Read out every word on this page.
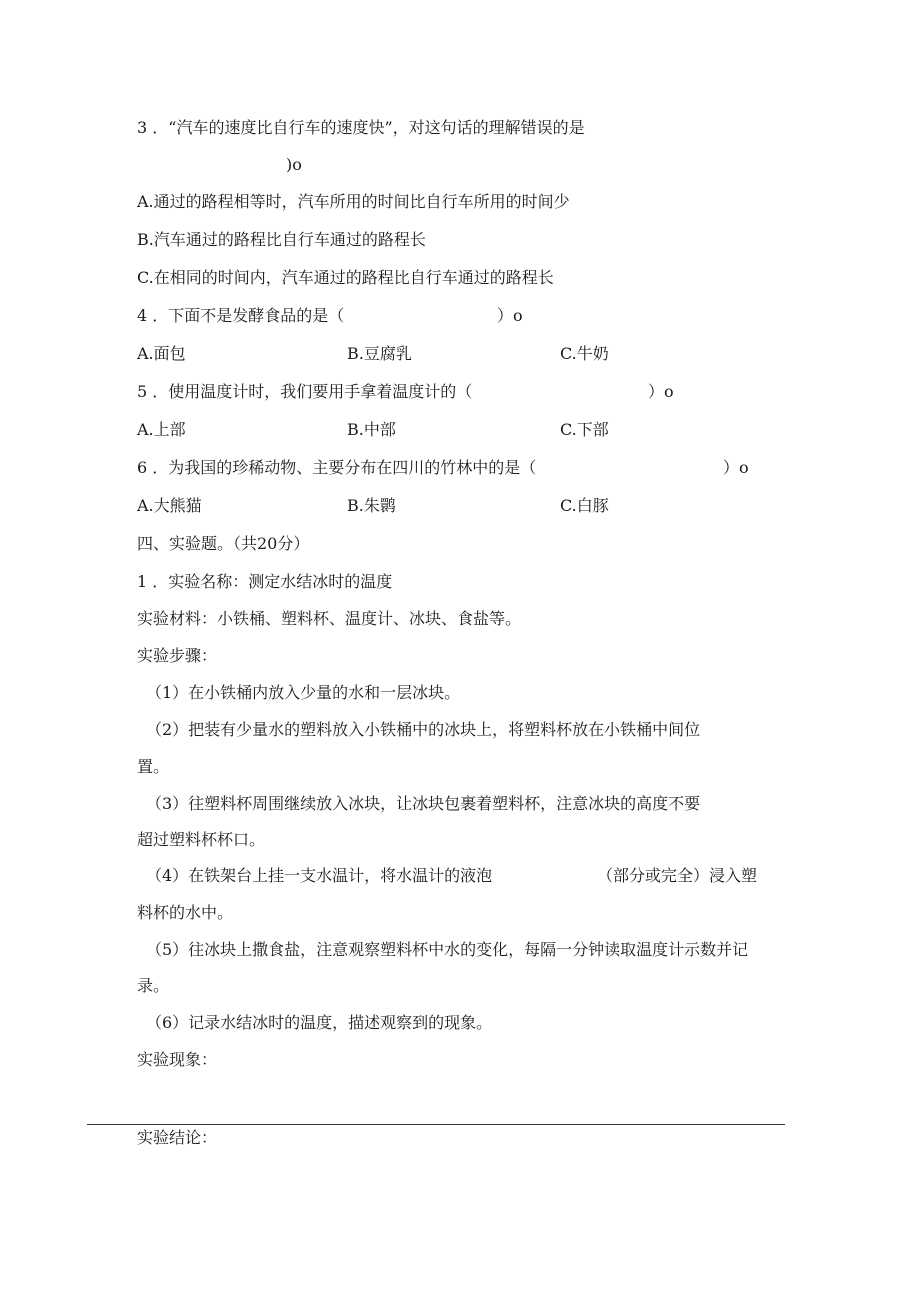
3 ．“汽车的速度比自行车的速度快”，对这句话的理解错误的是
)o
A.通过的路程相等时，汽车所用的时间比自行车所用的时间少
B.汽车通过的路程比自行车通过的路程长
C.在相同的时间内，汽车通过的路程比自行车通过的路程长
4 ．下面不是发酵食品的是（	）o
A.面包	B.豆腐乳	C.牛奶
5 ．使用温度计时，我们要用手拿着温度计的（	）o
A.上部	B.中部	C.下部
6 ．为我国的珍稀动物、主要分布在四川的竹林中的是（	）o
A.大熊猫	B.朱鹮	C.白豚
四、实验题。（共20分）
1 ．实验名称：测定水结冰时的温度
实验材料：小铁桶、塑料杯、温度计、冰块、食盐等。
实验步骤：
（1）在小铁桶内放入少量的水和一层冰块。
（2）把装有少量水的塑料放入小铁桶中的冰块上，将塑料杯放在小铁桶中间位
置。
（3）往塑料杯周围继续放入冰块，让冰块包裹着塑料杯，注意冰块的高度不要
超过塑料杯杯口。
（4）在铁架台上挂一支水温计，将水温计的液泡	（部分或完全）浸入塑
料杯的水中。
（5）往冰块上撒食盐，注意观察塑料杯中水的变化，每隔一分钟读取温度计示数并记
录。
（6）记录水结冰时的温度，描述观察到的现象。
实验现象：
实验结论：
